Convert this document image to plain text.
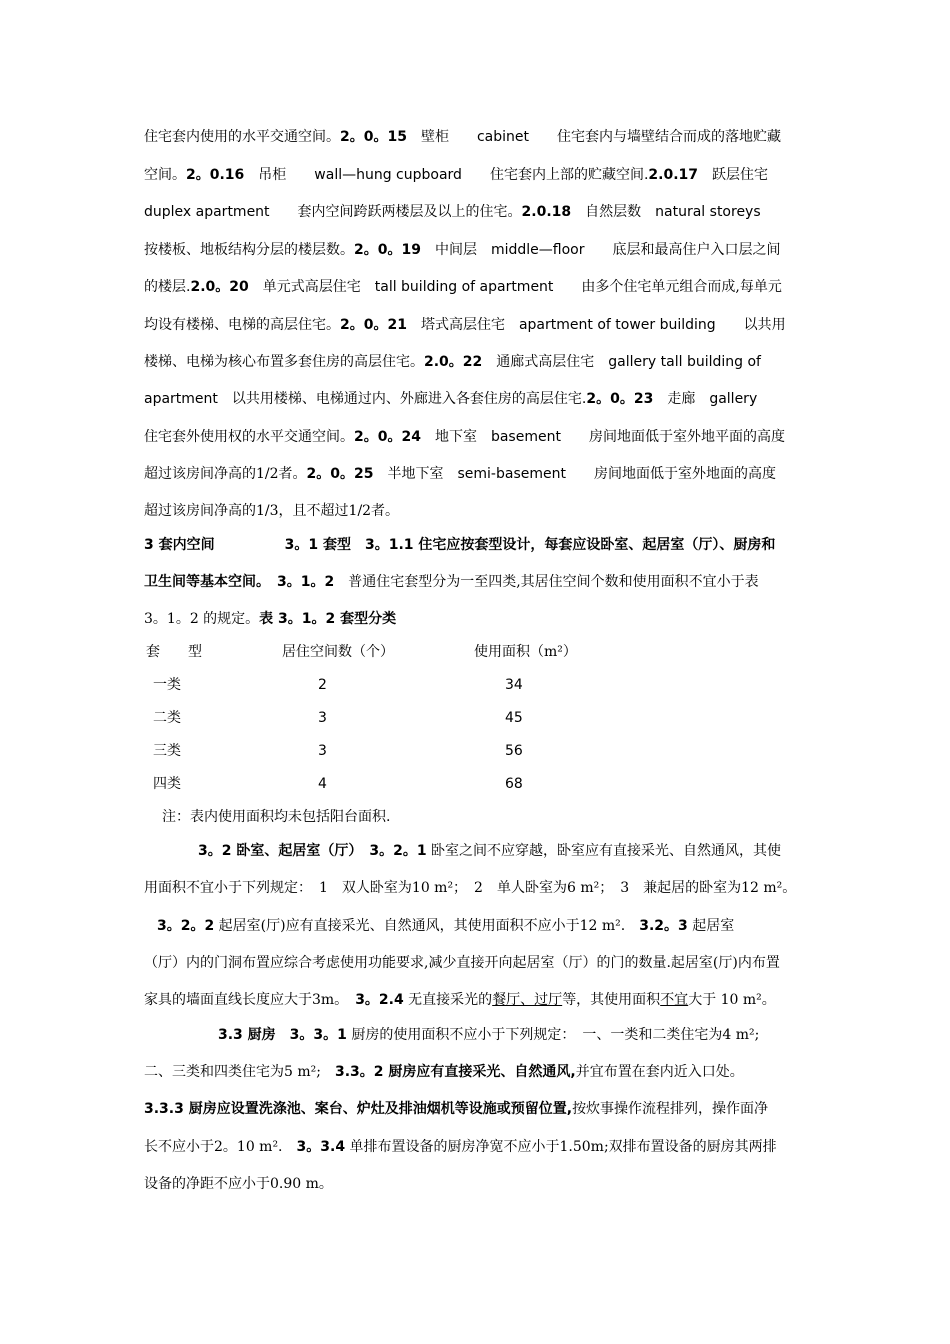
住宅套内使用的水平交通空间。2。0。15　壁柜　　cabinet　　住宅套内与墙壁结合而成的落地贮藏
空间。2。0.16　吊柜　　wall—hung cupboard　　住宅套内上部的贮藏空间.2.0.17　跃层住宅
duplex apartment　　套内空间跨跃两楼层及以上的住宅。2.0.18　自然层数　natural storeys
按楼板、地板结构分层的楼层数。2。0。19　中间层　middle—floor　　底层和最高住户入口层之间
的楼层.2.0。20　单元式高层住宅　tall building of apartment　　由多个住宅单元组合而成,每单元
均设有楼梯、电梯的高层住宅。2。0。21　塔式高层住宅　apartment of tower building　　以共用
楼梯、电梯为核心布置多套住房的高层住宅。2.0。22　通廊式高层住宅　gallery tall building of
apartment　以共用楼梯、电梯通过内、外廊进入各套住房的高层住宅.2。0。23　走廊　gallery
住宅套外使用权的水平交通空间。2。0。24　地下室　basement　　房间地面低于室外地平面的高度
超过该房间净高的1/2者。2。0。25　半地下室　semi-basement　　房间地面低于室外地面的高度
超过该房间净高的1/3，且不超过1/2者。
3 套内空间　　　　　3。1 套型　3。1.1 住宅应按套型设计，每套应设卧室、起居室（厅）、厨房和
卫生间等基本空间。　3。1。2　普通住宅套型分为一至四类,其居住空间个数和使用面积不宜小于表
3。1。2 的规定。表 3。1。2 套型分类
套　　型	居住空间数（个）	使用面积（m²）
一类	2	34
二类	3	45
三类	3	56
四类	4	68
注：表内使用面积均未包括阳台面积.
3。2 卧室、起居室（厅）　 3。2。1 卧室之间不应穿越，卧室应有直接采光、自然通风，其使
用面积不宜小于下列规定：　1　双人卧室为10 m²；　2　单人卧室为6 m²；　3　兼起居的卧室为12 m²。
3。2。2 起居室(厅)应有直接采光、自然通风，其使用面积不应小于12 m².　3.2。3 起居室
（厅）内的门洞布置应综合考虑使用功能要求,减少直接开向起居室（厅）的门的数量.起居室(厅)内布置
家具的墙面直线长度应大于3m。　3。2.4 无直接采光的餐厅、过厅等，其使用面积不宜大于 10 m²。
3.3 厨房　3。3。1 厨房的使用面积不应小于下列规定：　一、一类和二类住宅为4 m²;
二、三类和四类住宅为5 m²;　3.3。2 厨房应有直接采光、自然通风,并宜布置在套内近入口处。
3.3.3 厨房应设置洗涤池、案台、炉灶及排油烟机等设施或预留位置,按炊事操作流程排列，操作面净
长不应小于2。10 m².　3。3.4 单排布置设备的厨房净宽不应小于1.50m;双排布置设备的厨房其两排
设备的净距不应小于0.90 m。
